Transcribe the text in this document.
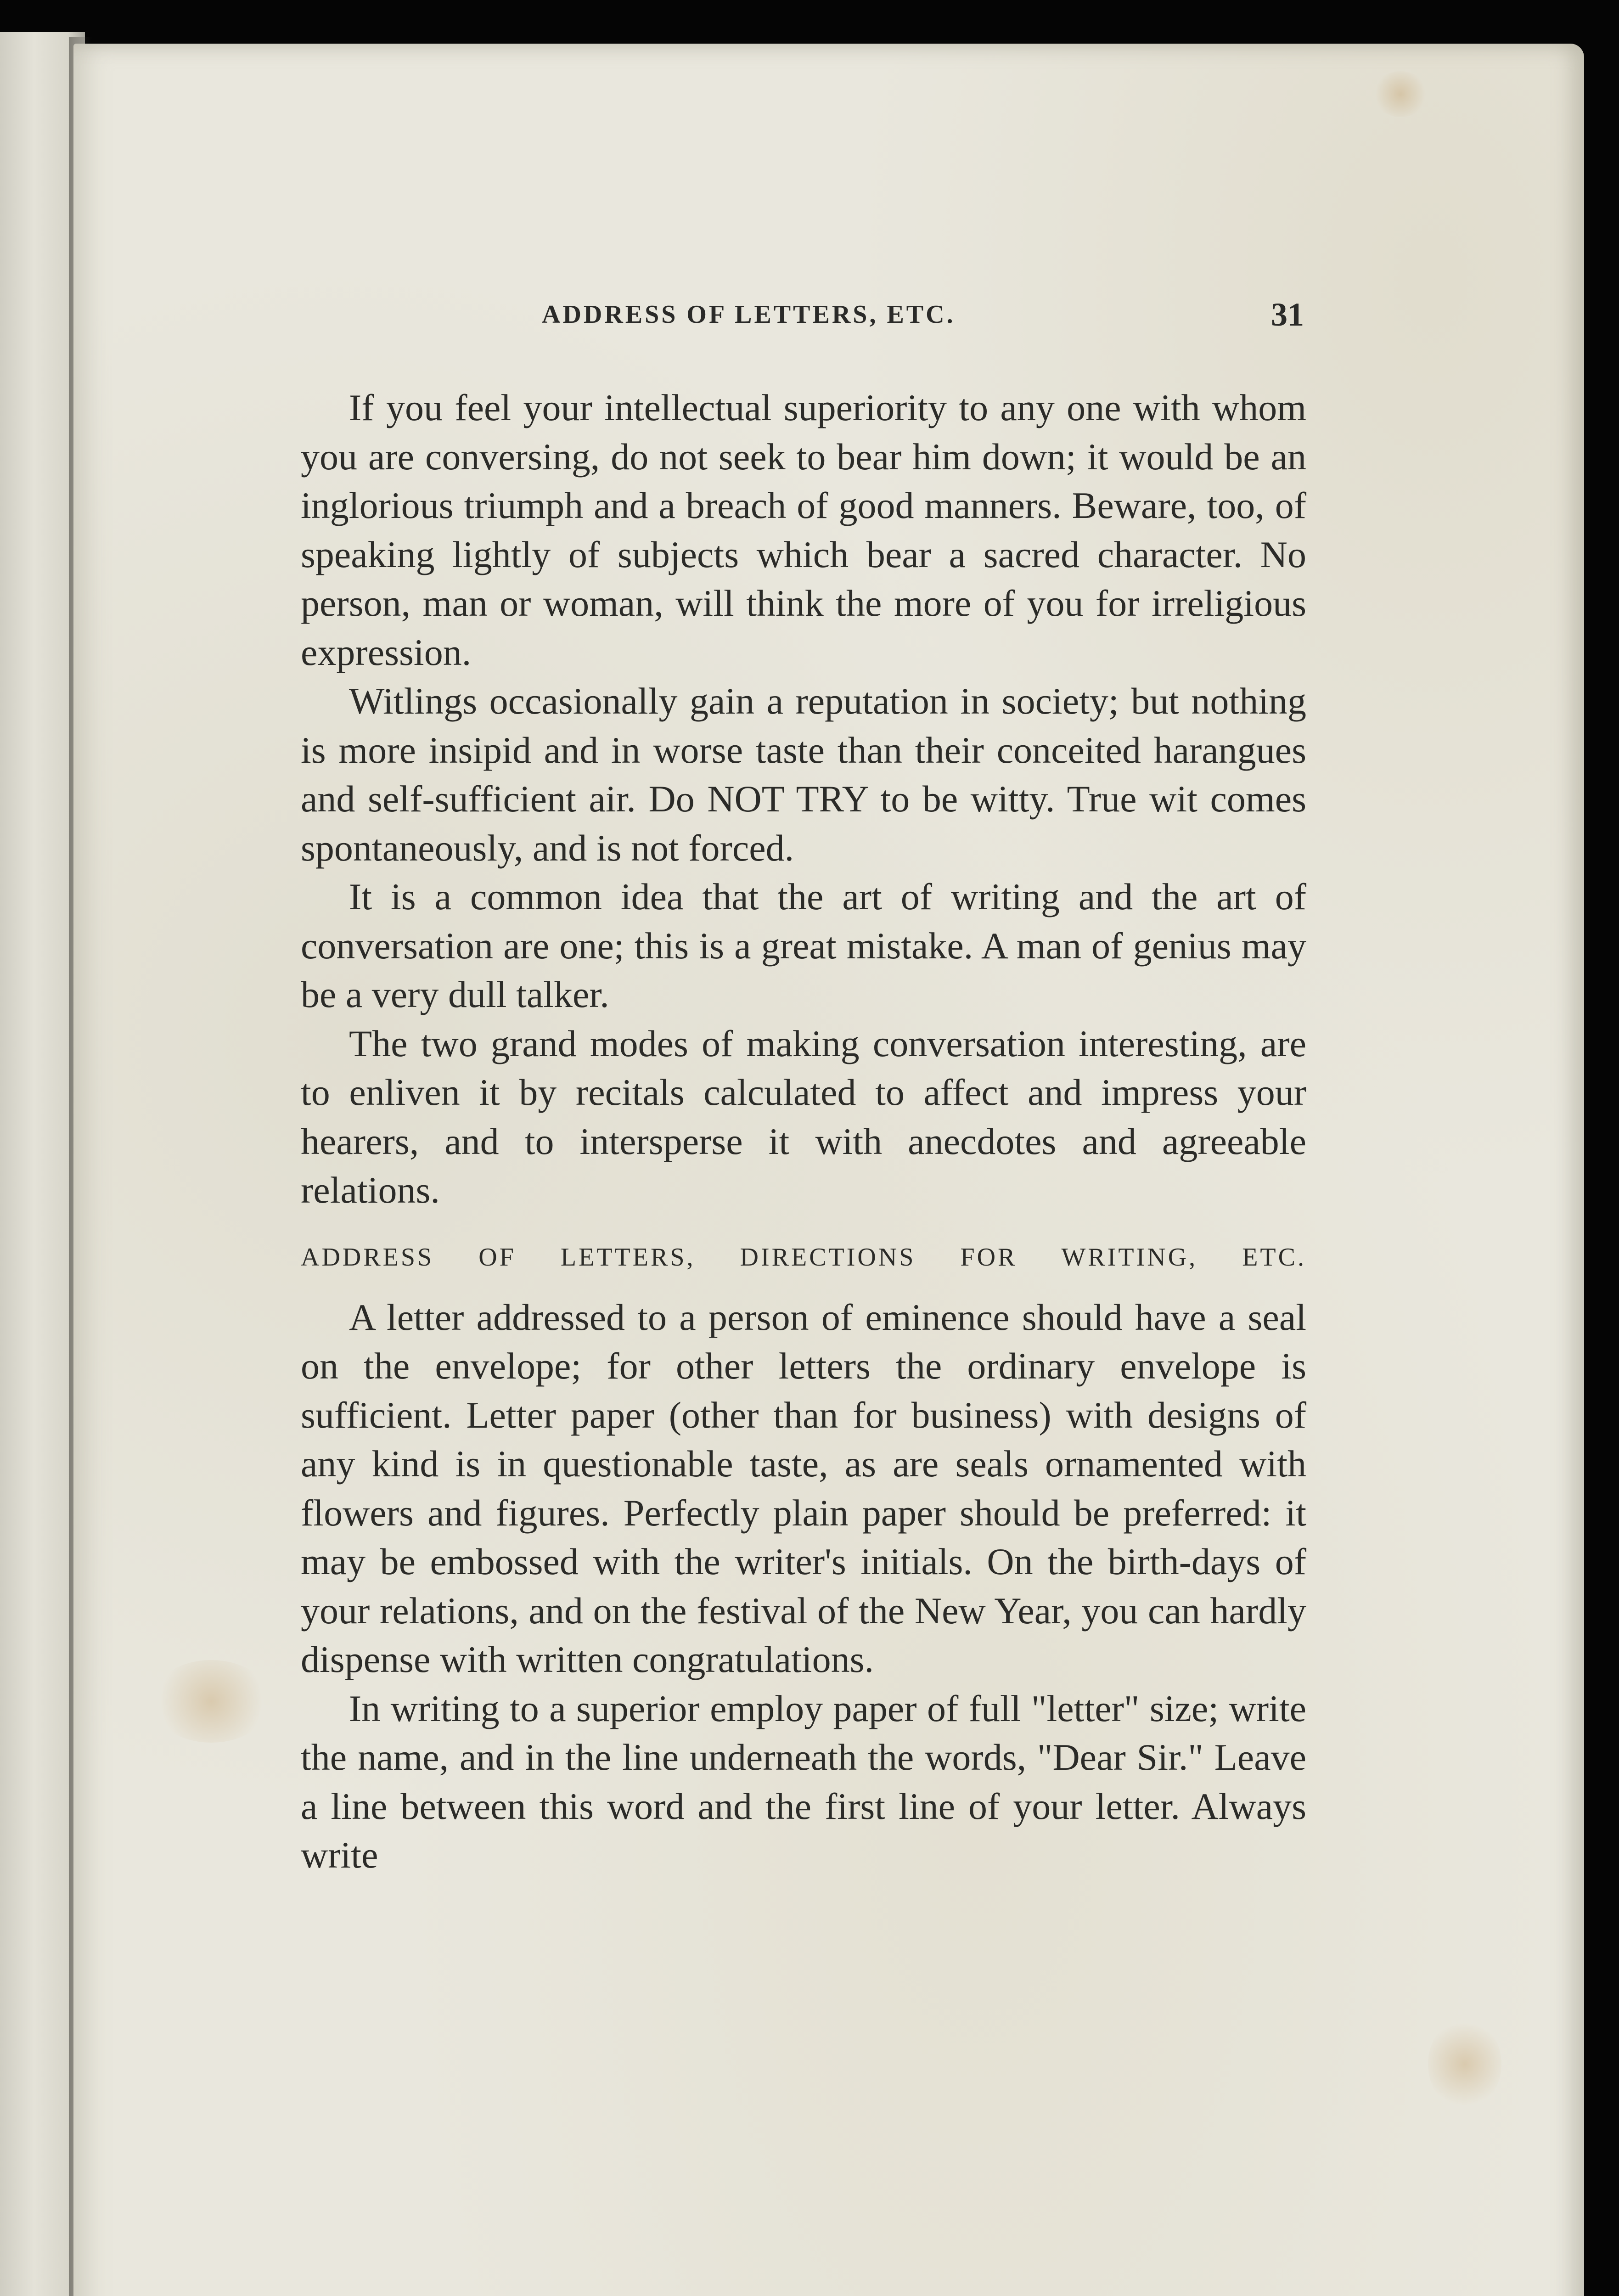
ADDRESS OF LETTERS, ETC.	31

If you feel your intellectual superiority to any one with whom you are conversing, do not seek to bear him down; it would be an inglorious triumph and a breach of good manners. Beware, too, of speaking lightly of subjects which bear a sacred character. No person, man or woman, will think the more of you for irreligious expression.

Witlings occasionally gain a reputation in society; but nothing is more insipid and in worse taste than their conceited harangues and self-sufficient air. Do NOT TRY to be witty. True wit comes spontaneously, and is not forced.

It is a common idea that the art of writing and the art of conversation are one; this is a great mistake. A man of genius may be a very dull talker.

The two grand modes of making conversation interesting, are to enliven it by recitals calculated to affect and impress your hearers, and to intersperse it with anecdotes and agreeable relations.

ADDRESS OF LETTERS, DIRECTIONS FOR WRITING, ETC.

A letter addressed to a person of eminence should have a seal on the envelope; for other letters the ordinary envelope is sufficient. Letter paper (other than for business) with designs of any kind is in questionable taste, as are seals ornamented with flowers and figures. Perfectly plain paper should be preferred: it may be embossed with the writer's initials. On the birth-days of your relations, and on the festival of the New Year, you can hardly dispense with written congratulations.

In writing to a superior employ paper of full "letter" size; write the name, and in the line underneath the words, "Dear Sir." Leave a line between this word and the first line of your letter. Always write
